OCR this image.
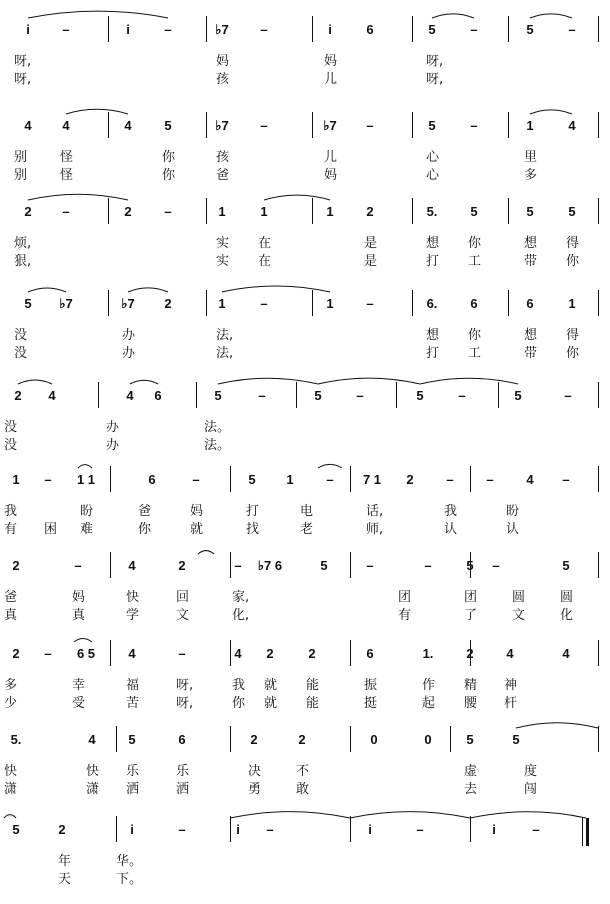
i	–	i	–	♭7	–	i	6	5	–	5	–
呀,	妈	妈	呀,
呀,	孩	儿	呀,
4	4	4	5	♭7	–	♭7	–	5	–	1	4
别	怪	你	孩	儿	心	里
别	怪	你	爸	妈	心	多
2	–	2	–	1	1	1	2	5.	5	5	5
烦,	实	在	是	想	你	想	得
狠,	实	在	是	打	工	带	你
5	♭7	♭7	2	1	–	1	–	6.	6	6	1
没	办	法,	想	你	想	得
没	办	法,	打	工	带	你
2	4	4	6	5	–	5	–	5	–	5	–
没	办	法。
没	办	法。
1	–	1 1	6	–	5	1	–	7 1	2	–	–	4	–
我	盼	爸	妈	打	电	话,	我	盼
有	困	难	你	就	找	老	师,	认	认
2	–	4	2	–	♭7 6	5	–	–	5	–	5
爸	妈	快	回	家,	团	团	圆	圆
真	真	学	文	化,	有	了	文	化
2	–	6 5	4	–	4	2	2	6	1.	2	4	4
多	幸	福	呀,	我	就	能	振	作	精	神
少	受	苦	呀,	你	就	能	挺	起	腰	杆
5.	4	5	6	2	2	0	0	5	5
快	快	乐	乐	决	不	虚	度
潇	潇	洒	洒	勇	敢	去	闯
5	2	i	–	i	–	i	–	i	–
年	华。
天	下。
